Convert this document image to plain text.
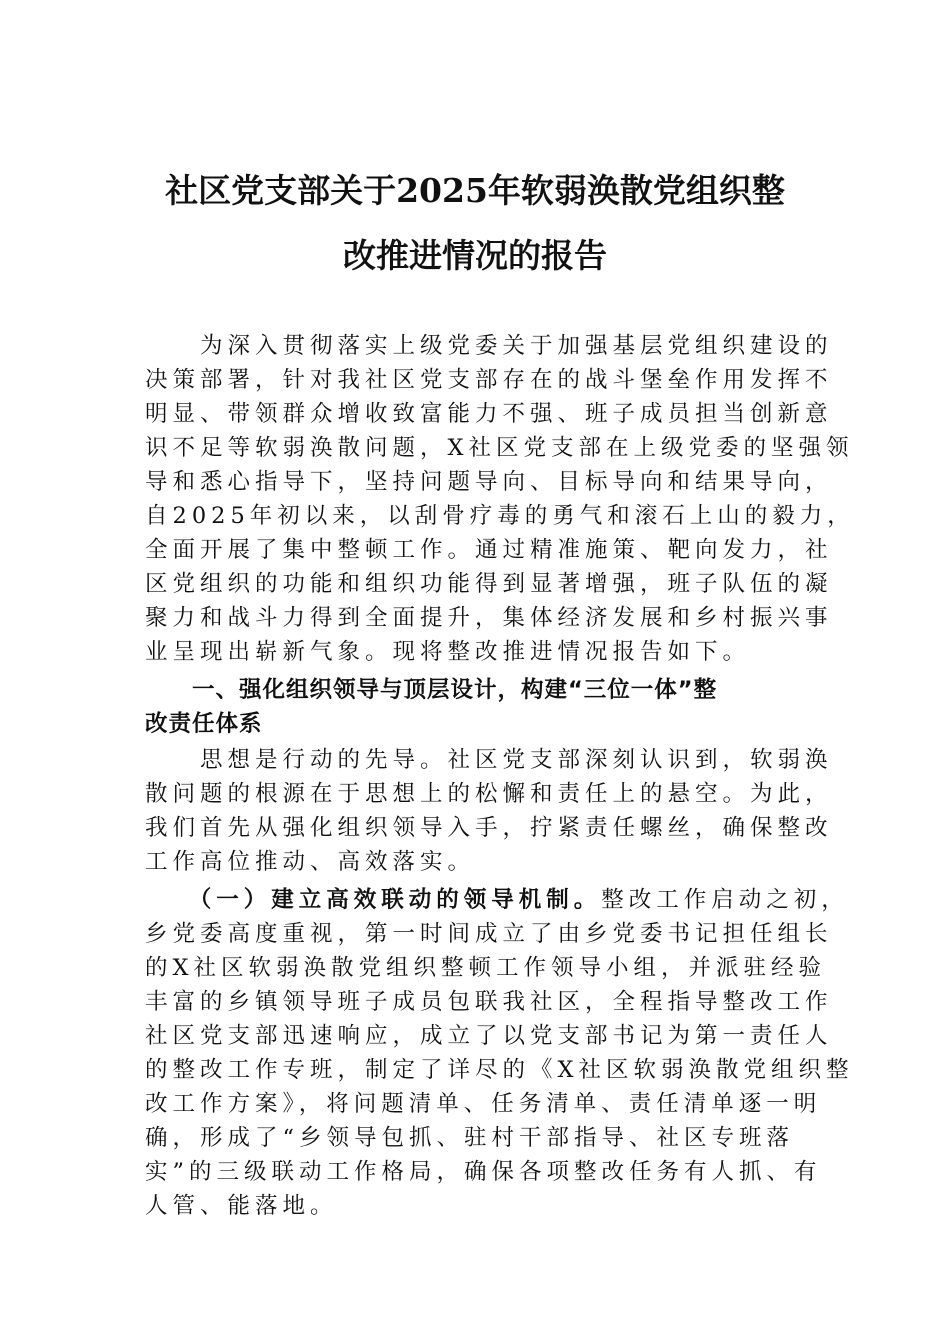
社区党支部关于2025年软弱涣散党组织整
改推进情况的报告
　　为深入贯彻落实上级党委关于加强基层党组织建设的
决策部署，针对我社区党支部存在的战斗堡垒作用发挥不
明显、带领群众增收致富能力不强、班子成员担当创新意
识不足等软弱涣散问题，X社区党支部在上级党委的坚强领
导和悉心指导下，坚持问题导向、目标导向和结果导向，
自2025年初以来，以刮骨疗毒的勇气和滚石上山的毅力，
全面开展了集中整顿工作。通过精准施策、靶向发力，社
区党组织的功能和组织功能得到显著增强，班子队伍的凝
聚力和战斗力得到全面提升，集体经济发展和乡村振兴事
业呈现出崭新气象。现将整改推进情况报告如下。
　　一、强化组织领导与顶层设计，构建“三位一体”整
改责任体系
　　思想是行动的先导。社区党支部深刻认识到，软弱涣
散问题的根源在于思想上的松懈和责任上的悬空。为此，
我们首先从强化组织领导入手，拧紧责任螺丝，确保整改
工作高位推动、高效落实。
　　（一）建立高效联动的领导机制。整改工作启动之初，
乡党委高度重视，第一时间成立了由乡党委书记担任组长
的X社区软弱涣散党组织整顿工作领导小组，并派驻经验
丰富的乡镇领导班子成员包联我社区，全程指导整改工作
社区党支部迅速响应，成立了以党支部书记为第一责任人
的整改工作专班，制定了详尽的《X社区软弱涣散党组织整
改工作方案》，将问题清单、任务清单、责任清单逐一明
确，形成了“乡领导包抓、驻村干部指导、社区专班落
实”的三级联动工作格局，确保各项整改任务有人抓、有
人管、能落地。
